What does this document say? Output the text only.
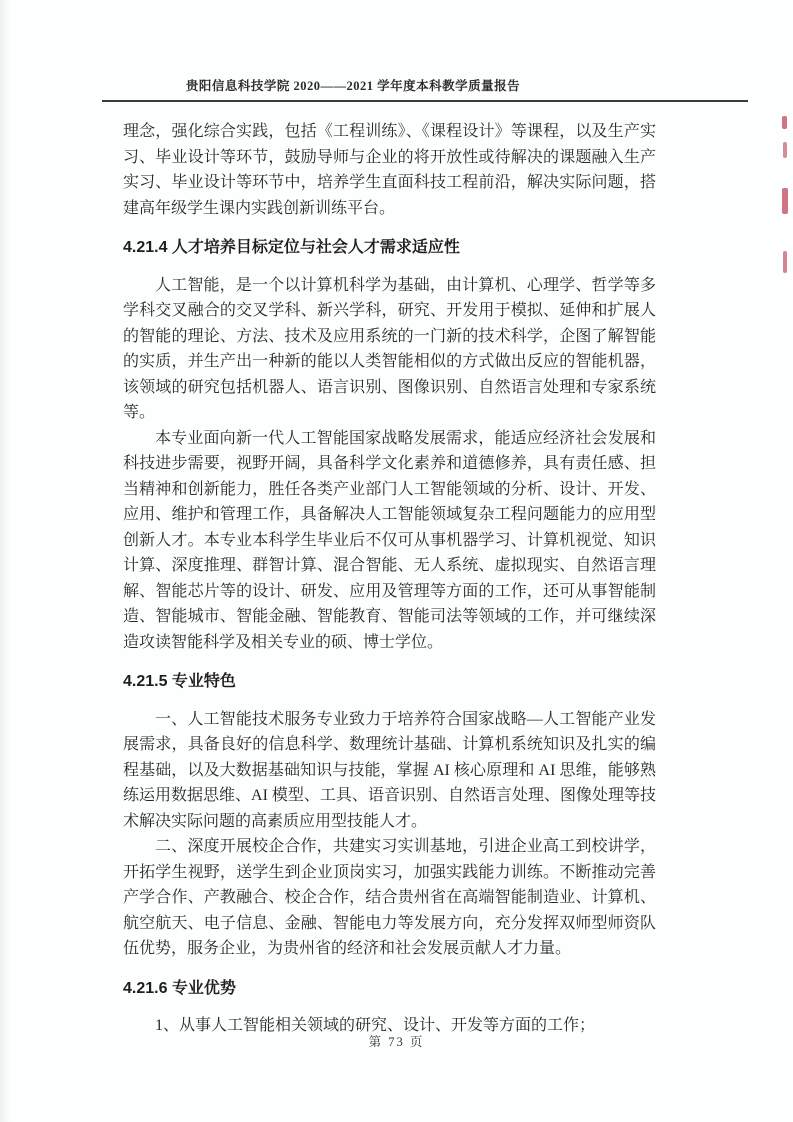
贵阳信息科技学院 2020——2021 学年度本科教学质量报告
理念，强化综合实践，包括《工程训练》、《课程设计》等课程，以及生产实习、毕业设计等环节，鼓励导师与企业的将开放性或待解决的课题融入生产实习、毕业设计等环节中，培养学生直面科技工程前沿，解决实际问题，搭建高年级学生课内实践创新训练平台。
4.21.4 人才培养目标定位与社会人才需求适应性
人工智能，是一个以计算机科学为基础，由计算机、心理学、哲学等多学科交叉融合的交叉学科、新兴学科，研究、开发用于模拟、延伸和扩展人的智能的理论、方法、技术及应用系统的一门新的技术科学，企图了解智能的实质，并生产出一种新的能以人类智能相似的方式做出反应的智能机器，该领域的研究包括机器人、语言识别、图像识别、自然语言处理和专家系统等。
本专业面向新一代人工智能国家战略发展需求，能适应经济社会发展和科技进步需要，视野开阔，具备科学文化素养和道德修养，具有责任感、担当精神和创新能力，胜任各类产业部门人工智能领域的分析、设计、开发、应用、维护和管理工作，具备解决人工智能领域复杂工程问题能力的应用型创新人才。本专业本科学生毕业后不仅可从事机器学习、计算机视觉、知识计算、深度推理、群智计算、混合智能、无人系统、虚拟现实、自然语言理解、智能芯片等的设计、研发、应用及管理等方面的工作，还可从事智能制造、智能城市、智能金融、智能教育、智能司法等领域的工作，并可继续深造攻读智能科学及相关专业的硕、博士学位。
4.21.5 专业特色
一、人工智能技术服务专业致力于培养符合国家战略—人工智能产业发展需求，具备良好的信息科学、数理统计基础、计算机系统知识及扎实的编程基础，以及大数据基础知识与技能，掌握 AI 核心原理和 AI 思维，能够熟练运用数据思维、AI 模型、工具、语音识别、自然语言处理、图像处理等技术解决实际问题的高素质应用型技能人才。
二、深度开展校企合作，共建实习实训基地，引进企业高工到校讲学，开拓学生视野，送学生到企业顶岗实习，加强实践能力训练。不断推动完善产学合作、产教融合、校企合作，结合贵州省在高端智能制造业、计算机、航空航天、电子信息、金融、智能电力等发展方向，充分发挥双师型师资队伍优势，服务企业，为贵州省的经济和社会发展贡献人才力量。
4.21.6 专业优势
1、从事人工智能相关领域的研究、设计、开发等方面的工作；
第 73 页
